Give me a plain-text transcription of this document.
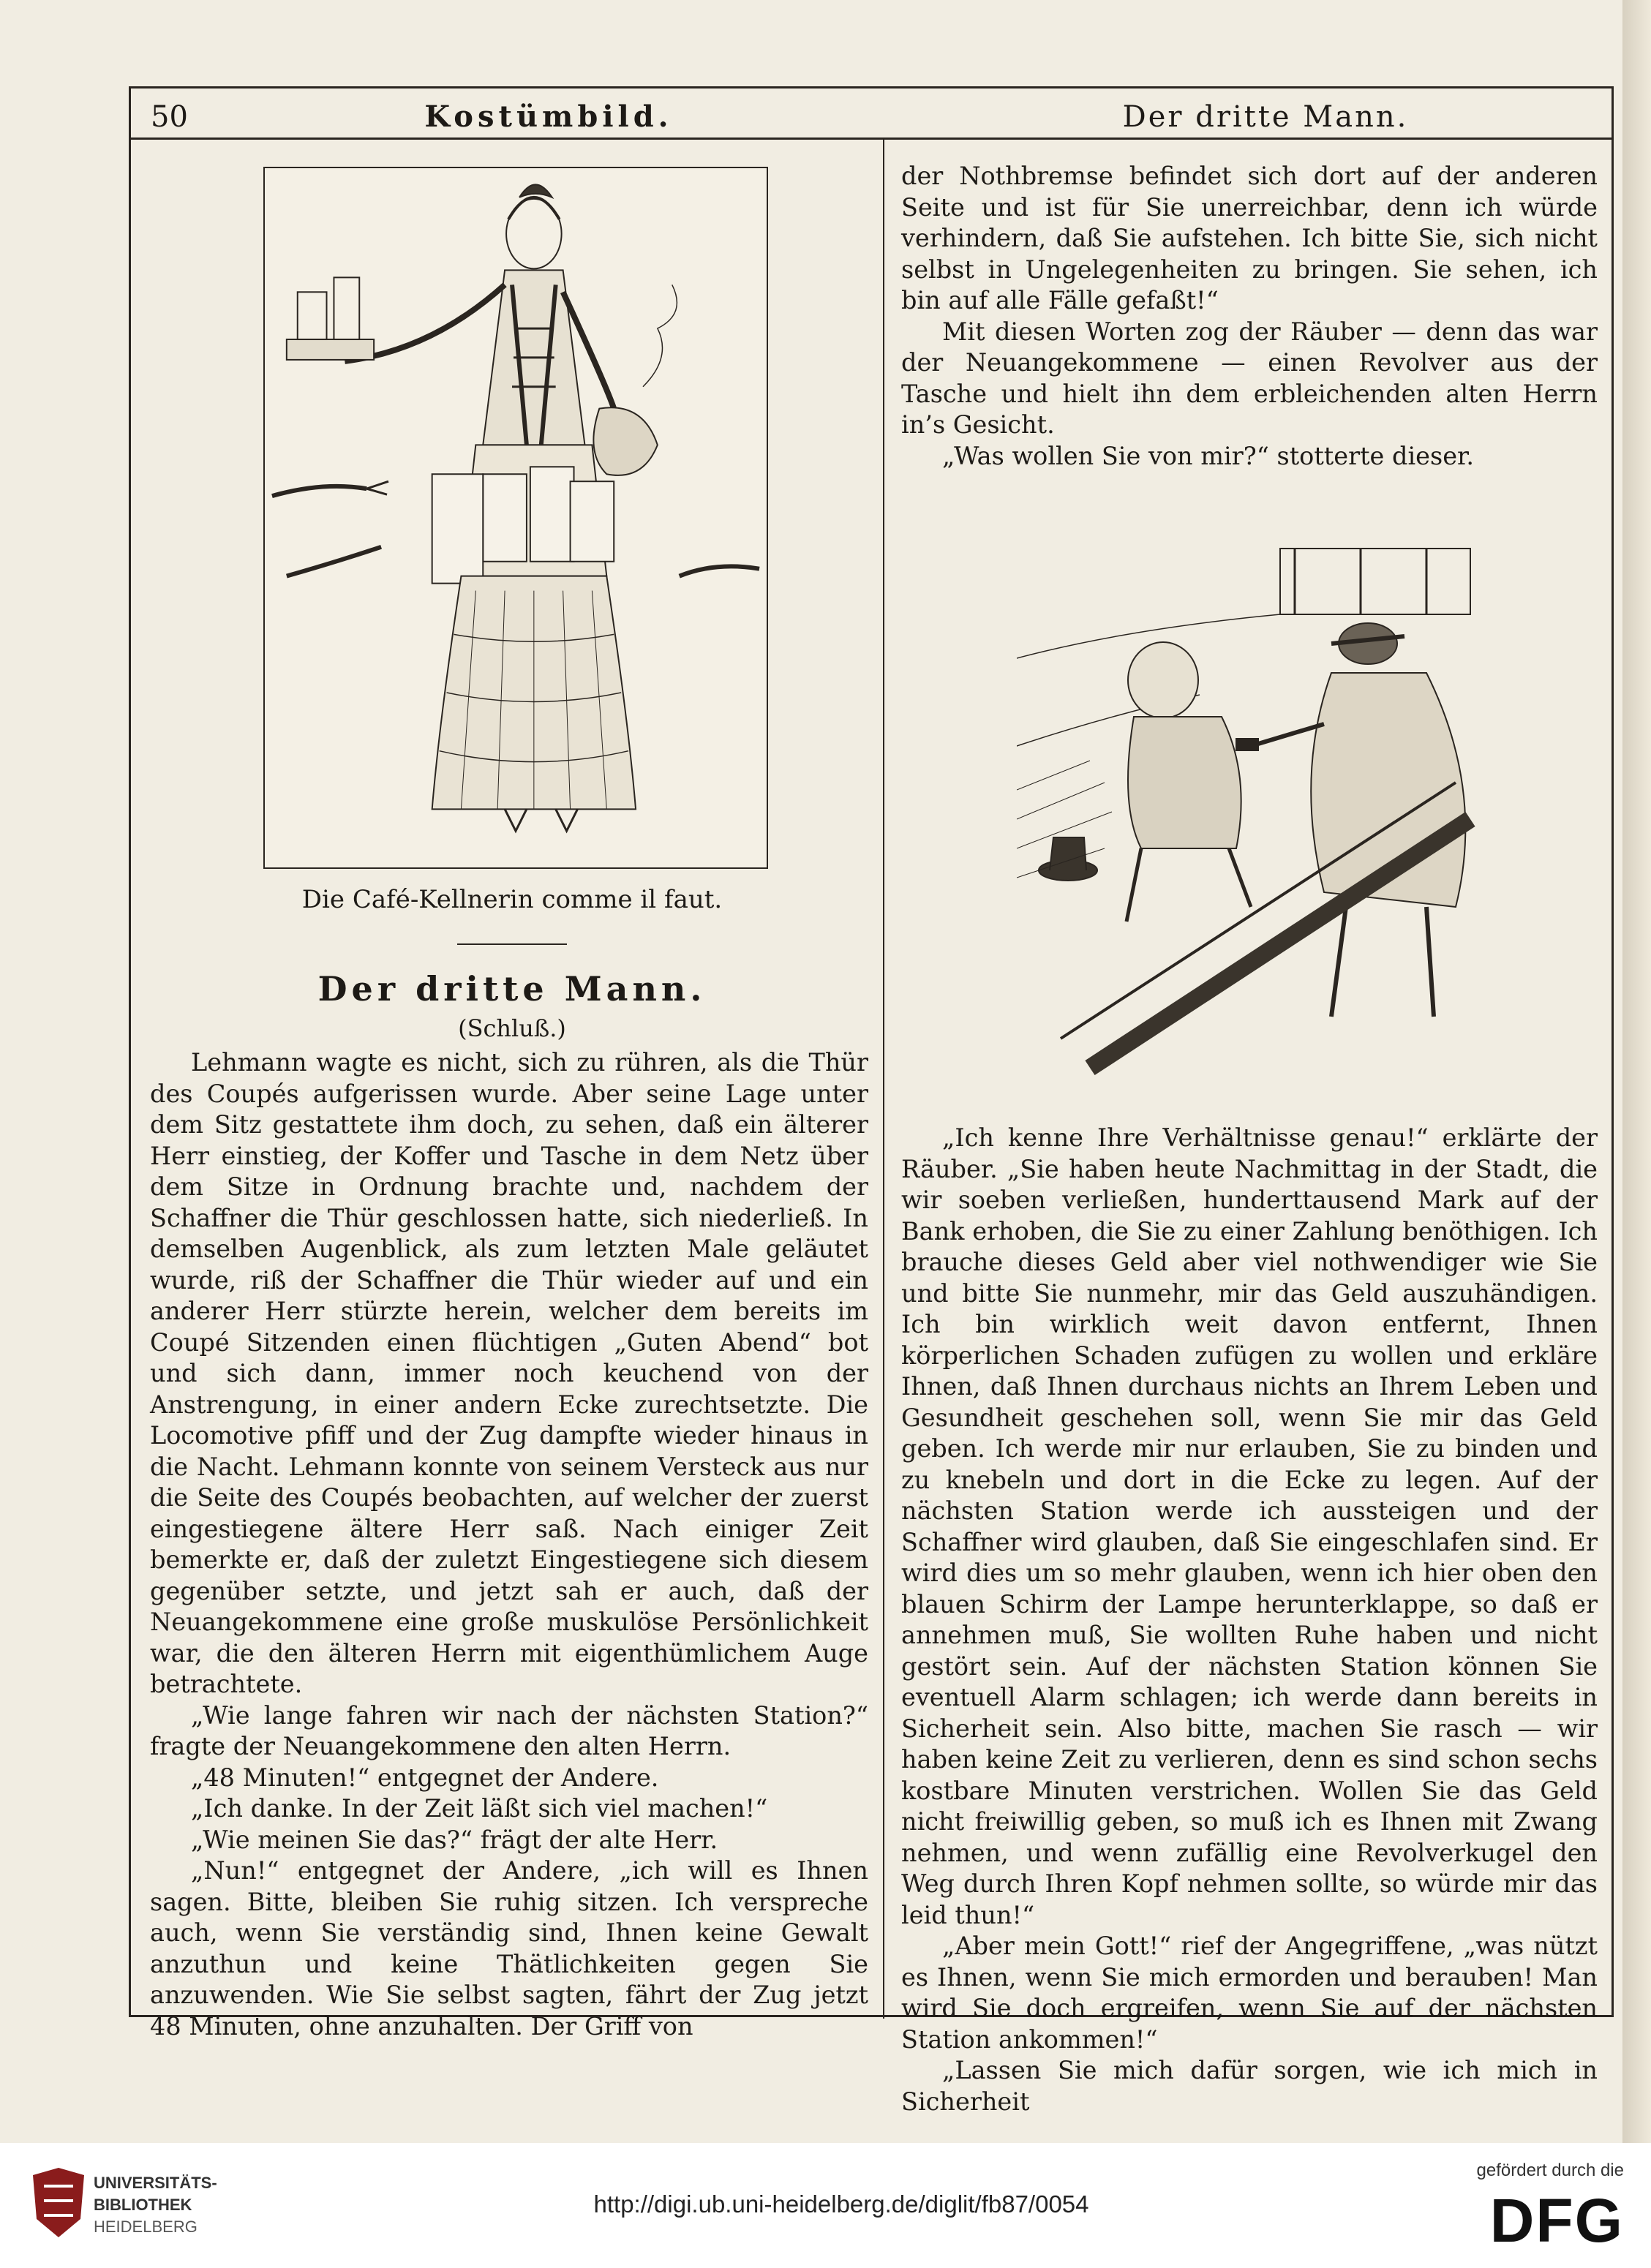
50	Kostümbild.	Der dritte Mann.
Die Café-Kellnerin comme il faut.
Der dritte Mann.
(Schluß.)

Lehmann wagte es nicht, sich zu rühren, als die Thür des Coupés aufgerissen wurde. Aber seine Lage unter dem Sitz gestattete ihm doch, zu sehen, daß ein älterer Herr einstieg, der Koffer und Tasche in dem Netz über dem Sitze in Ordnung brachte und, nachdem der Schaffner die Thür geschlossen hatte, sich niederließ. In demselben Augenblick, als zum letzten Male geläutet wurde, riß der Schaffner die Thür wieder auf und ein anderer Herr stürzte herein, welcher dem bereits im Coupé Sitzenden einen flüchtigen „Guten Abend“ bot und sich dann, immer noch keuchend von der Anstrengung, in einer andern Ecke zurechtsetzte. Die Locomotive pfiff und der Zug dampfte wieder hinaus in die Nacht. Lehmann konnte von seinem Versteck aus nur die Seite des Coupés beobachten, auf welcher der zuerst eingestiegene ältere Herr saß. Nach einiger Zeit bemerkte er, daß der zuletzt Eingestiegene sich diesem gegenüber setzte, und jetzt sah er auch, daß der Neuangekommene eine große muskulöse Persönlichkeit war, die den älteren Herrn mit eigenthümlichem Auge betrachtete.

„Wie lange fahren wir nach der nächsten Station?“ fragte der Neuangekommene den alten Herrn.

„48 Minuten!“ entgegnet der Andere.

„Ich danke. In der Zeit läßt sich viel machen!“

„Wie meinen Sie das?“ frägt der alte Herr.

„Nun!“ entgegnet der Andere, „ich will es Ihnen sagen. Bitte, bleiben Sie ruhig sitzen. Ich verspreche auch, wenn Sie verständig sind, Ihnen keine Gewalt anzuthun und keine Thätlichkeiten gegen Sie anzuwenden. Wie Sie selbst sagten, fährt der Zug jetzt 48 Minuten, ohne anzuhalten. Der Griff von

der Nothbremse befindet sich dort auf der anderen Seite und ist für Sie unerreichbar, denn ich würde verhindern, daß Sie aufstehen. Ich bitte Sie, sich nicht selbst in Ungelegenheiten zu bringen. Sie sehen, ich bin auf alle Fälle gefaßt!“

Mit diesen Worten zog der Räuber — denn das war der Neuangekommene — einen Revolver aus der Tasche und hielt ihn dem erbleichenden alten Herrn in’s Gesicht.

„Was wollen Sie von mir?“ stotterte dieser.

„Ich kenne Ihre Verhältnisse genau!“ erklärte der Räuber. „Sie haben heute Nachmittag in der Stadt, die wir soeben verließen, hunderttausend Mark auf der Bank erhoben, die Sie zu einer Zahlung benöthigen. Ich brauche dieses Geld aber viel nothwendiger wie Sie und bitte Sie nunmehr, mir das Geld auszuhändigen. Ich bin wirklich weit davon entfernt, Ihnen körperlichen Schaden zufügen zu wollen und erkläre Ihnen, daß Ihnen durchaus nichts an Ihrem Leben und Gesundheit geschehen soll, wenn Sie mir das Geld geben. Ich werde mir nur erlauben, Sie zu binden und zu knebeln und dort in die Ecke zu legen. Auf der nächsten Station werde ich aussteigen und der Schaffner wird glauben, daß Sie eingeschlafen sind. Er wird dies um so mehr glauben, wenn ich hier oben den blauen Schirm der Lampe herunterklappe, so daß er annehmen muß, Sie wollten Ruhe haben und nicht gestört sein. Auf der nächsten Station können Sie eventuell Alarm schlagen; ich werde dann bereits in Sicherheit sein. Also bitte, machen Sie rasch — wir haben keine Zeit zu verlieren, denn es sind schon sechs kostbare Minuten verstrichen. Wollen Sie das Geld nicht freiwillig geben, so muß ich es Ihnen mit Zwang nehmen, und wenn zufällig eine Revolverkugel den Weg durch Ihren Kopf nehmen sollte, so würde mir das leid thun!“

„Aber mein Gott!“ rief der Angegriffene, „was nützt es Ihnen, wenn Sie mich ermorden und berauben! Man wird Sie doch ergreifen, wenn Sie auf der nächsten Station ankommen!“

„Lassen Sie mich dafür sorgen, wie ich mich in Sicherheit

UNIVERSITÄTS-
BIBLIOTHEK
HEIDELBERG
http://digi.ub.uni-heidelberg.de/diglit/fb87/0054
gefördert durch die
DFG
